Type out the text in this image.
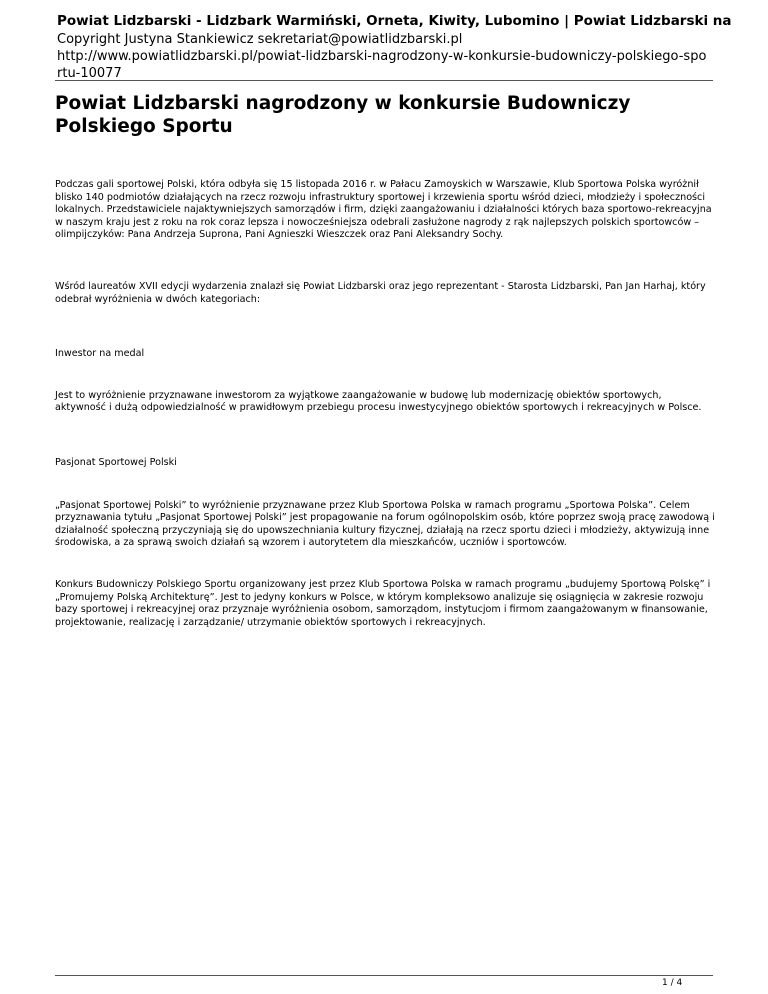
Powiat Lidzbarski - Lidzbark Warmiński, Orneta, Kiwity, Lubomino | Powiat Lidzbarski na
Copyright Justyna Stankiewicz sekretariat@powiatlidzbarski.pl
http://www.powiatlidzbarski.pl/powiat-lidzbarski-nagrodzony-w-konkursie-budowniczy-polskiego-spo
rtu-10077
Powiat Lidzbarski nagrodzony w konkursie Budowniczy Polskiego Sportu

Podczas gali sportowej Polski, która odbyła się 15 listopada 2016 r. w Pałacu Zamoyskich w Warszawie, Klub Sportowa Polska wyróżnił blisko 140 podmiotów działających na rzecz rozwoju infrastruktury sportowej i krzewienia sportu wśród dzieci, młodzieży i społeczności lokalnych. Przedstawiciele najaktywniejszych samorządów i firm, dzięki zaangażowaniu i działalności których baza sportowo-rekreacyjna w naszym kraju jest z roku na rok coraz lepsza i nowocześniejsza odebrali zasłużone nagrody z rąk najlepszych polskich sportowców – olimpijczyków: Pana Andrzeja Suprona, Pani Agnieszki Wieszczek oraz Pani Aleksandry Sochy.

Wśród laureatów XVII edycji wydarzenia znalazł się Powiat Lidzbarski oraz jego reprezentant - Starosta Lidzbarski, Pan Jan Harhaj, który odebrał wyróżnienia w dwóch kategoriach:

Inwestor na medal

Jest to wyróżnienie przyznawane inwestorom za wyjątkowe zaangażowanie w budowę lub modernizację obiektów sportowych, aktywność i dużą odpowiedzialność w prawidłowym przebiegu procesu inwestycyjnego obiektów sportowych i rekreacyjnych w Polsce.

Pasjonat Sportowej Polski

„Pasjonat Sportowej Polski” to wyróżnienie przyznawane przez Klub Sportowa Polska w ramach programu „Sportowa Polska”. Celem przyznawania tytułu „Pasjonat Sportowej Polski” jest propagowanie na forum ogólnopolskim osób, które poprzez swoją pracę zawodową i działalność społeczną przyczyniają się do upowszechniania kultury fizycznej, działają na rzecz sportu dzieci i młodzieży, aktywizują inne środowiska, a za sprawą swoich działań są wzorem i autorytetem dla mieszkańców, uczniów i sportowców.

Konkurs Budowniczy Polskiego Sportu organizowany jest przez Klub Sportowa Polska w ramach programu „budujemy Sportową Polskę” i „Promujemy Polską Architekturę”. Jest to jedyny konkurs w Polsce, w którym kompleksowo analizuje się osiągnięcia w zakresie rozwoju bazy sportowej i rekreacyjnej oraz przyznaje wyróżnienia osobom, samorządom, instytucjom i firmom zaangażowanym w finansowanie, projektowanie, realizację i zarządzanie/ utrzymanie obiektów sportowych i rekreacyjnych.

1 / 4
